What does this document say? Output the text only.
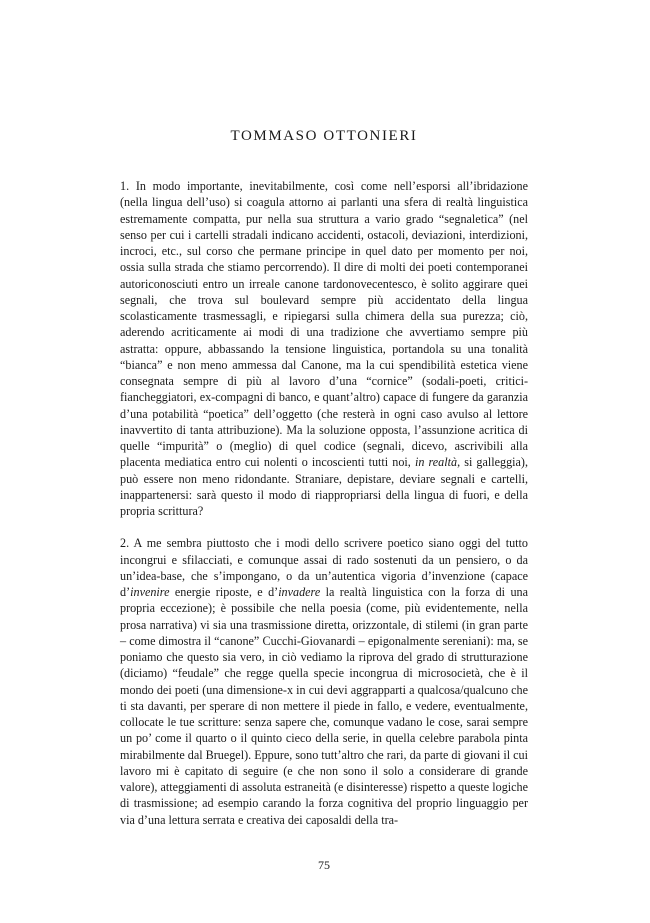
TOMMASO OTTONIERI

1. In modo importante, inevitabilmente, così come nell’esporsi all’ibridazione (nella lingua dell’uso) si coagula attorno ai parlanti una sfera di realtà linguistica estremamente compatta, pur nella sua struttura a vario grado “segnaletica” (nel senso per cui i cartelli stradali indicano accidenti, ostacoli, deviazioni, interdizioni, incroci, etc., sul corso che permane principe in quel dato per momento per noi, ossia sulla strada che stiamo percorrendo). Il dire di molti dei poeti contemporanei autoriconosciuti entro un irreale canone tardonovecentesco, è solito aggirare quei segnali, che trova sul boulevard sempre più accidentato della lingua scolasticamente trasmessagli, e ripiegarsi sulla chimera della sua purezza; ciò, aderendo acriticamente ai modi di una tradizione che avvertiamo sempre più astratta: oppure, abbassando la tensione linguistica, portandola su una tonalità “bianca” e non meno ammessa dal Canone, ma la cui spendibilità estetica viene consegnata sempre di più al lavoro d’una “cornice” (sodali-poeti, critici-fiancheggiatori, ex-compagni di banco, e quant’altro) capace di fungere da garanzia d’una potabilità “poetica” dell’oggetto (che resterà in ogni caso avulso al lettore inavvertito di tanta attribuzione). Ma la soluzione opposta, l’assunzione acritica di quelle “impurità” o (meglio) di quel codice (segnali, dicevo, ascrivibili alla placenta mediatica entro cui nolenti o incoscienti tutti noi, in realtà, si galleggia), può essere non meno ridondante. Straniare, depistare, deviare segnali e cartelli, inappartenersi: sarà questo il modo di riappropriarsi della lingua di fuori, e della propria scrittura?

2. A me sembra piuttosto che i modi dello scrivere poetico siano oggi del tutto incongrui e sfilacciati, e comunque assai di rado sostenuti da un pensiero, o da un’idea-base, che s’impongano, o da un’autentica vigoria d’invenzione (capace d’invenire energie riposte, e d’invadere la realtà linguistica con la forza di una propria eccezione); è possibile che nella poesia (come, più evidentemente, nella prosa narrativa) vi sia una trasmissione diretta, orizzontale, di stilemi (in gran parte – come dimostra il “canone” Cucchi-Giovanardi – epigonalmente sereniani): ma, se poniamo che questo sia vero, in ciò vediamo la riprova del grado di strutturazione (diciamo) “feudale” che regge quella specie incongrua di microsocietà, che è il mondo dei poeti (una dimensione-x in cui devi aggrapparti a qualcosa/qualcuno che ti sta davanti, per sperare di non mettere il piede in fallo, e vedere, eventualmente, collocate le tue scritture: senza sapere che, comunque vadano le cose, sarai sempre un po’ come il quarto o il quinto cieco della serie, in quella celebre parabola pinta mirabilmente dal Bruegel). Eppure, sono tutt’altro che rari, da parte di giovani il cui lavoro mi è capitato di seguire (e che non sono il solo a considerare di grande valore), atteggiamenti di assoluta estraneità (e disinteresse) rispetto a queste logiche di trasmissione; ad esempio carando la forza cognitiva del proprio linguaggio per via d’una lettura serrata e creativa dei caposaldi della tra-

75
